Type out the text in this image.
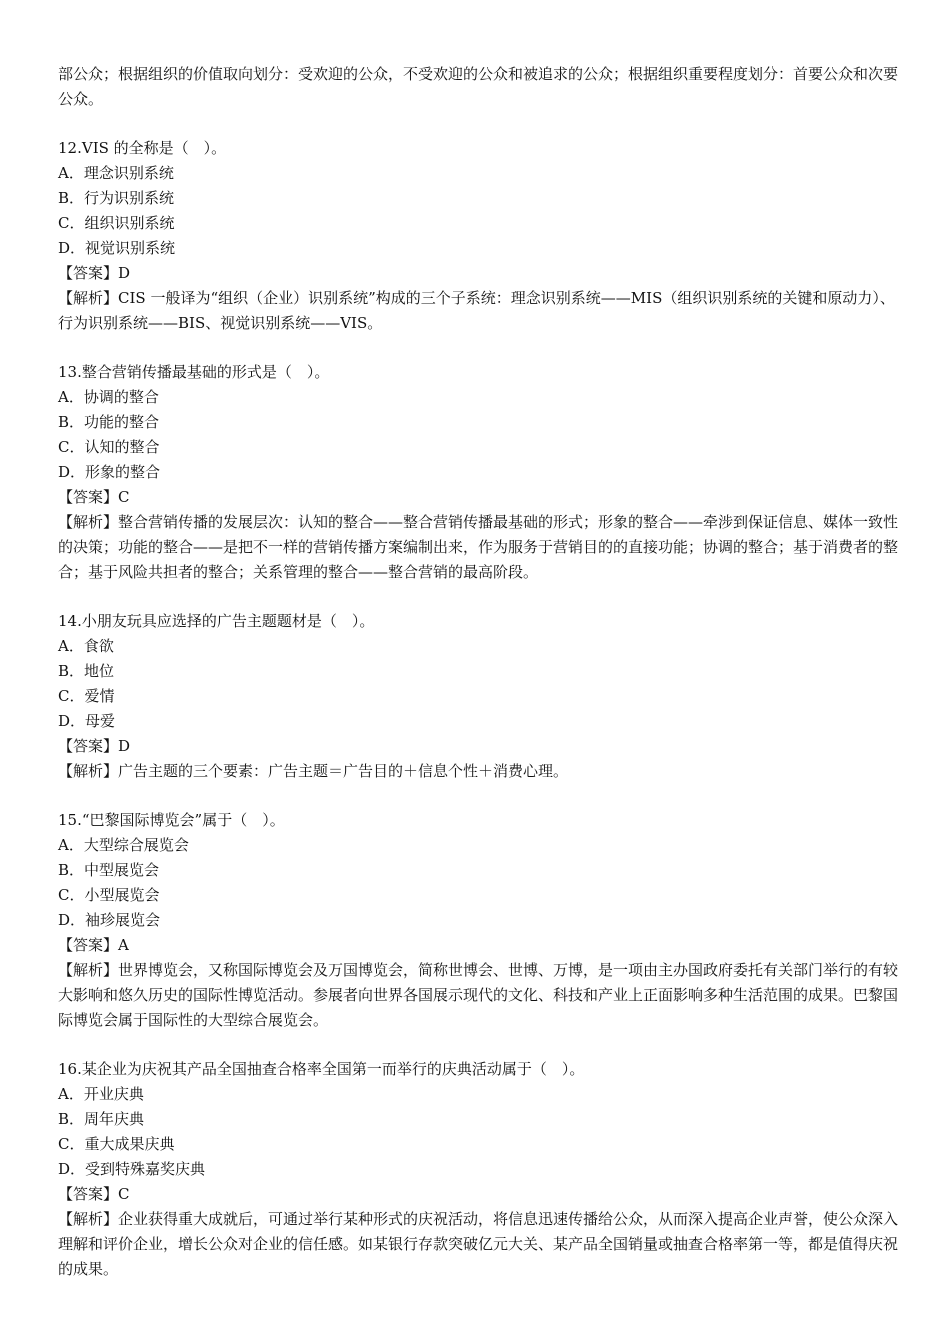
部公众；根据组织的价值取向划分：受欢迎的公众，不受欢迎的公众和被追求的公众；根据组织重要程度划分：首要公众和次要公众。
12.VIS 的全称是（　）。
A．理念识别系统
B．行为识别系统
C．组织识别系统
D．视觉识别系统
【答案】D
【解析】CIS 一般译为“组织（企业）识别系统”构成的三个子系统：理念识别系统——MIS（组织识别系统的关键和原动力）、行为识别系统——BIS、视觉识别系统——VIS。
13.整合营销传播最基础的形式是（　）。
A．协调的整合
B．功能的整合
C．认知的整合
D．形象的整合
【答案】C
【解析】整合营销传播的发展层次：认知的整合——整合营销传播最基础的形式；形象的整合——牵涉到保证信息、媒体一致性的决策；功能的整合——是把不一样的营销传播方案编制出来，作为服务于营销目的的直接功能；协调的整合；基于消费者的整合；基于风险共担者的整合；关系管理的整合——整合营销的最高阶段。
14.小朋友玩具应选择的广告主题题材是（　）。
A．食欲
B．地位
C．爱情
D．母爱
【答案】D
【解析】广告主题的三个要素：广告主题＝广告目的＋信息个性＋消费心理。
15.“巴黎国际博览会”属于（　）。
A．大型综合展览会
B．中型展览会
C．小型展览会
D．袖珍展览会
【答案】A
【解析】世界博览会，又称国际博览会及万国博览会，简称世博会、世博、万博，是一项由主办国政府委托有关部门举行的有较大影响和悠久历史的国际性博览活动。参展者向世界各国展示现代的文化、科技和产业上正面影响多种生活范围的成果。巴黎国际博览会属于国际性的大型综合展览会。
16.某企业为庆祝其产品全国抽查合格率全国第一而举行的庆典活动属于（　）。
A．开业庆典
B．周年庆典
C．重大成果庆典
D．受到特殊嘉奖庆典
【答案】C
【解析】企业获得重大成就后，可通过举行某种形式的庆祝活动，将信息迅速传播给公众，从而深入提高企业声誉，使公众深入理解和评价企业，增长公众对企业的信任感。如某银行存款突破亿元大关、某产品全国销量或抽查合格率第一等，都是值得庆祝的成果。
